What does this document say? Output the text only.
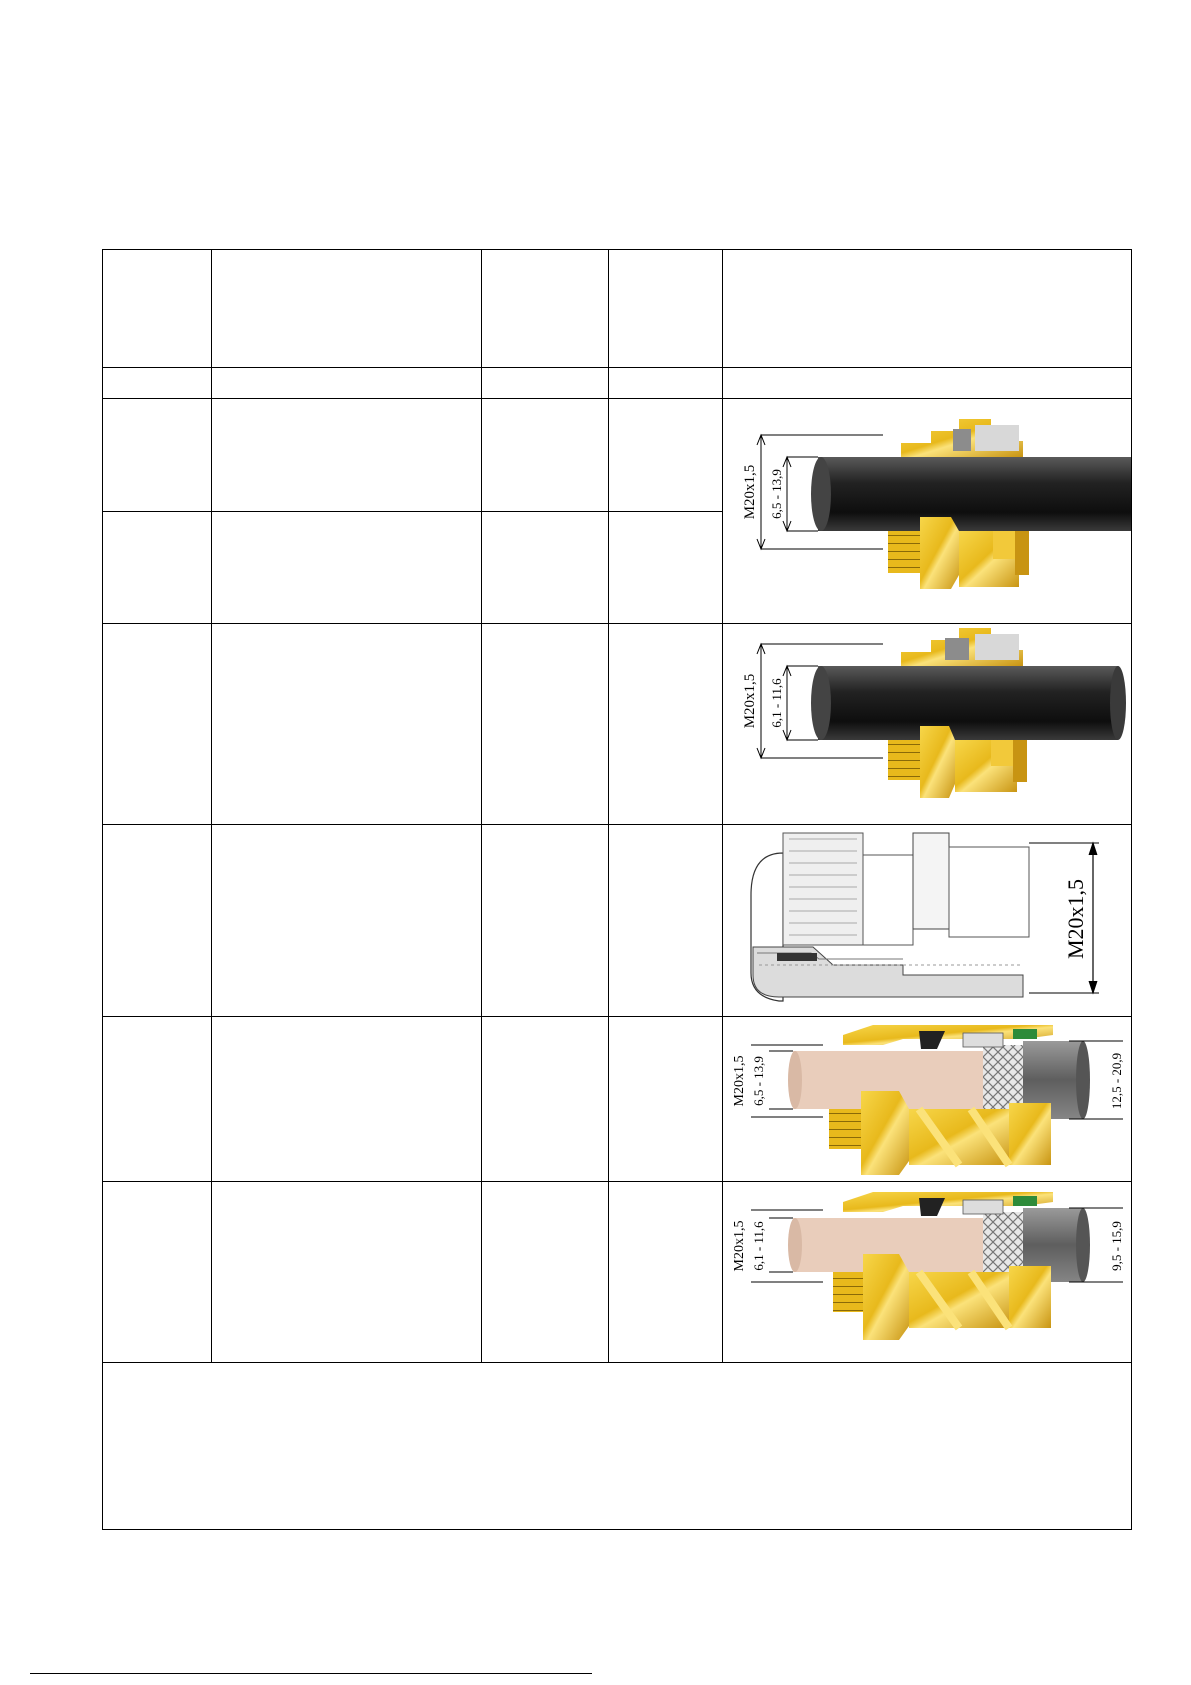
M20x1,5 6,5 - 13,9

M20x1,5 6,1 - 11,6

M20x1,5

M20x1,5 6,5 - 13,9 12,5 - 20,9

M20x1,5 6,1 - 11,6 9,5 - 15,9
